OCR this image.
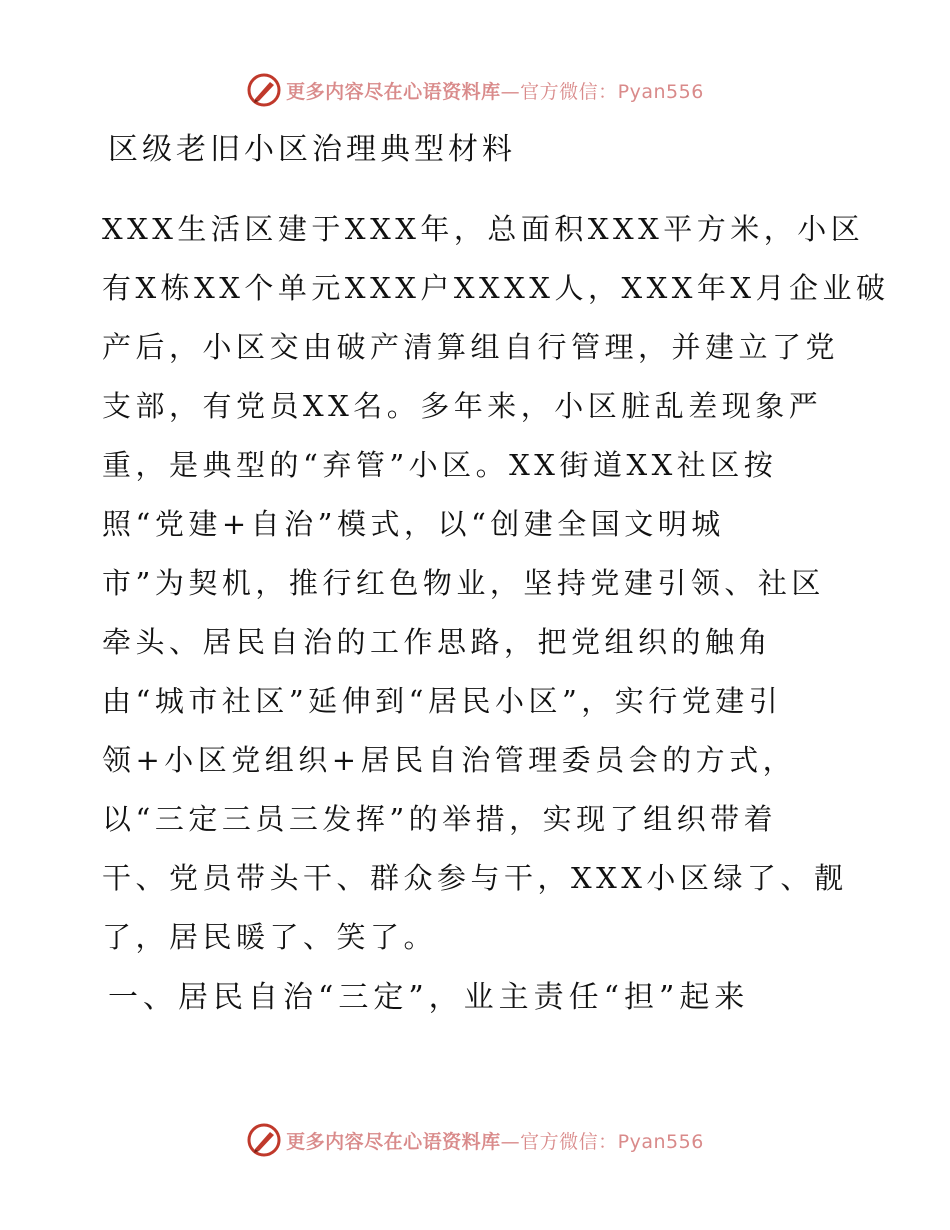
更多内容尽在心语资料库—官方微信：Pyan556
区级老旧小区治理典型材料
XXX生活区建于XXX年，总面积XXX平方米，小区
有X栋XX个单元XXX户XXXX人，XXX年X月企业破
产后，小区交由破产清算组自行管理，并建立了党
支部，有党员XX名。多年来，小区脏乱差现象严
重，是典型的“弃管”小区。XX街道XX社区按
照“党建+自治”模式，以“创建全国文明城
市”为契机，推行红色物业，坚持党建引领、社区
牵头、居民自治的工作思路，把党组织的触角
由“城市社区”延伸到“居民小区”，实行党建引
领+小区党组织+居民自治管理委员会的方式，
以“三定三员三发挥”的举措，实现了组织带着
干、党员带头干、群众参与干，XXX小区绿了、靓
了，居民暖了、笑了。
一、居民自治“三定”，业主责任“担”起来
更多内容尽在心语资料库—官方微信：Pyan556
